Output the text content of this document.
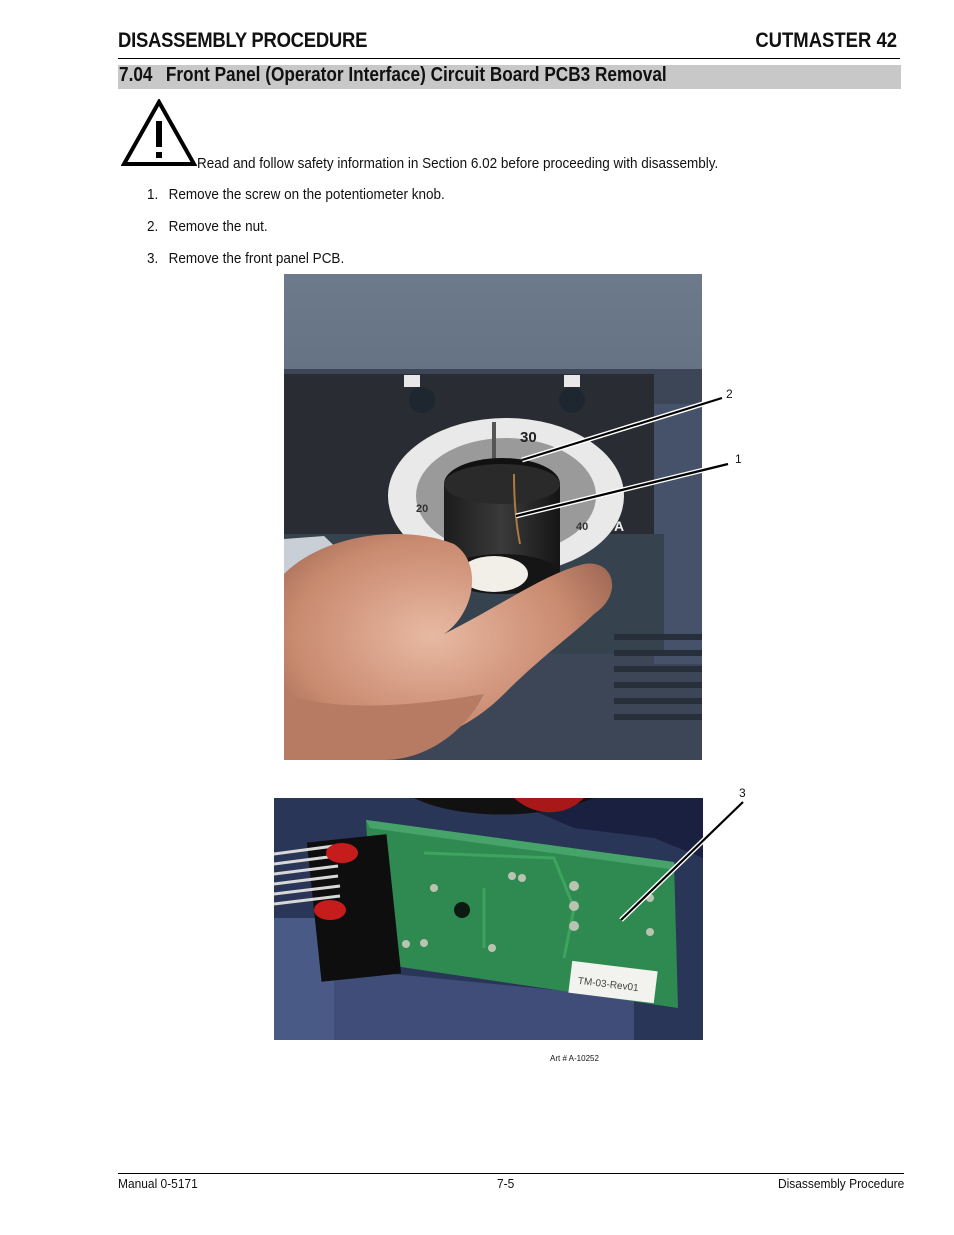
DISASSEMBLY PROCEDURE	CUTMASTER 42
7.04  Front Panel (Operator Interface) Circuit Board PCB3 Removal
Read and follow safety information in Section 6.02 before proceeding with disassembly.
1. Remove the screw on the potentiometer knob.
2. Remove the nut.
3. Remove the front panel PCB.
30
20
40 A
2
1
TM-03-Rev01
3
Art # A-10252
Manual 0-5171	7-5	Disassembly Procedure
